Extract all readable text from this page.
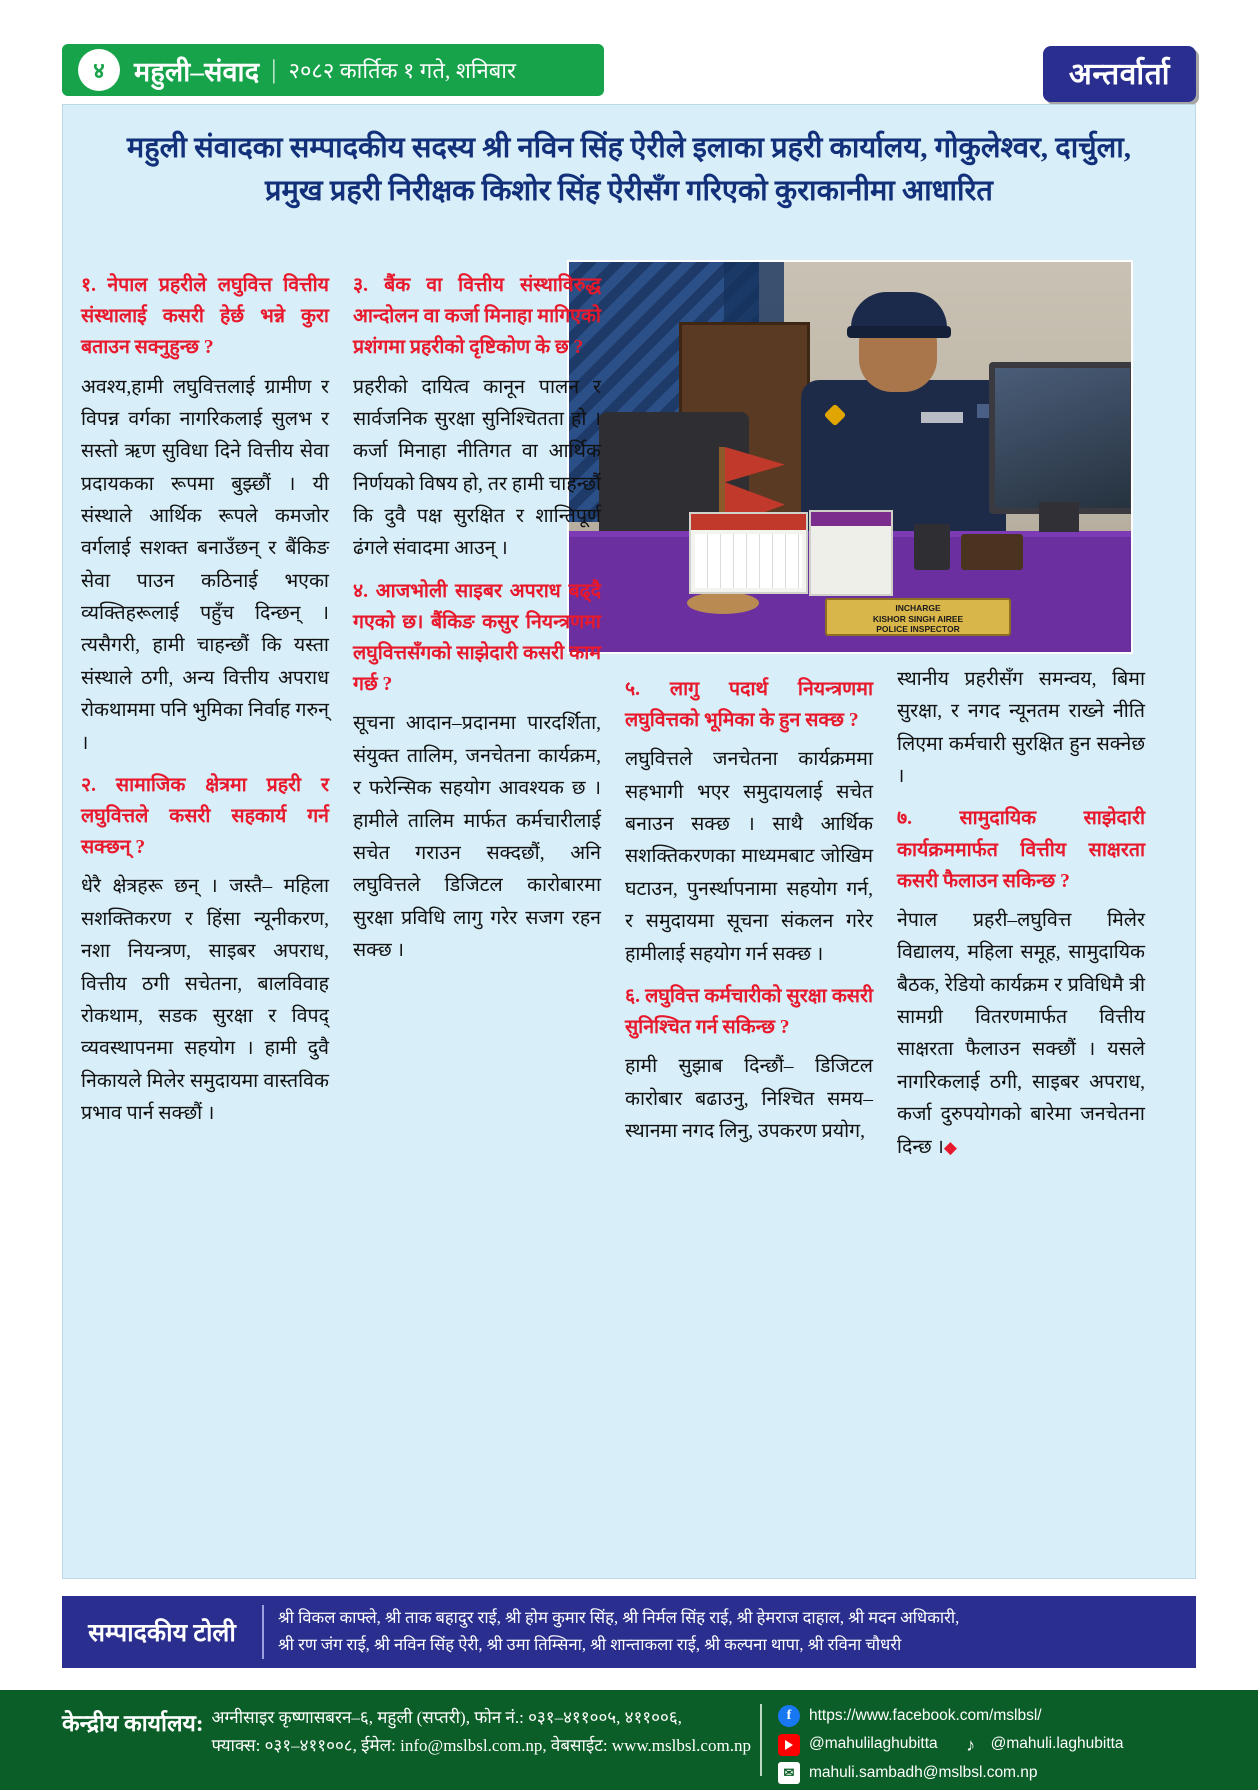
४	महुली–संवाद | २०८२ कार्तिक १ गते, शनिबार	अन्तर्वार्ता
महुली संवादका सम्पादकीय सदस्य श्री नविन सिंह ऐरीले इलाका प्रहरी कार्यालय, गोकुलेश्वर, दार्चुला, प्रमुख प्रहरी निरीक्षक किशोर सिंह ऐरीसँग गरिएको कुराकानीमा आधारित
INCHARGE
KISHOR SINGH AIREE
POLICE INSPECTOR
१. नेपाल प्रहरीले लघुवित्त वित्तीय संस्थालाई कसरी हेर्छ भन्ने कुरा बताउन सक्नुहुन्छ ?
अवश्य,हामी लघुवित्तलाई ग्रामीण र विपन्न वर्गका नागरिकलाई सुलभ र सस्तो ऋण सुविधा दिने वित्तीय सेवा प्रदायकका रूपमा बुझ्छौं । यी संस्थाले आर्थिक रूपले कमजोर वर्गलाई सशक्त बनाउँछन् र बैंकिङ सेवा पाउन कठिनाई भएका व्यक्तिहरूलाई पहुँच दिन्छन् । त्यसैगरी, हामी चाहन्छौं कि यस्ता संस्थाले ठगी, अन्य वित्तीय अपराध रोकथाममा पनि भुमिका निर्वाह गरुन् ।
२. सामाजिक क्षेत्रमा प्रहरी र लघुवित्तले कसरी सहकार्य गर्न सक्छन् ?
धेरै क्षेत्रहरू छन् । जस्तै– महिला सशक्तिकरण र हिंसा न्यूनीकरण, नशा नियन्त्रण, साइबर अपराध, वित्तीय ठगी सचेतना, बालविवाह रोकथाम, सडक सुरक्षा र विपद् व्यवस्थापनमा सहयोग । हामी दुवै निकायले मिलेर समुदायमा वास्तविक प्रभाव पार्न सक्छौं ।
३. बैंक वा वित्तीय संस्थाविरुद्ध आन्दोलन वा कर्जा मिनाहा मागिएको प्रशंगमा प्रहरीको दृष्टिकोण के छ ?
प्रहरीको दायित्व कानून पालन र सार्वजनिक सुरक्षा सुनिश्चितता हो । कर्जा मिनाहा नीतिगत वा आर्थिक निर्णयको विषय हो, तर हामी चाहन्छौं कि दुवै पक्ष सुरक्षित र शान्तिपूर्ण ढंगले संवादमा आउन् ।
४. आजभोली साइबर अपराध बढ्दै गएको छ। बैंकिङ कसुर नियन्त्रणमा लघुवित्तसँगको साझेदारी कसरी काम गर्छ ?
सूचना आदान–प्रदानमा पारदर्शिता, संयुक्त तालिम, जनचेतना कार्यक्रम, र फरेन्सिक सहयोग आवश्यक छ । हामीले तालिम मार्फत कर्मचारीलाई सचेत गराउन सक्दछौं, अनि लघुवित्तले डिजिटल कारोबारमा सुरक्षा प्रविधि लागु गरेर सजग रहन सक्छ ।
५. लागु पदार्थ नियन्त्रणमा लघुवित्तको भूमिका के हुन सक्छ ?
लघुवित्तले जनचेतना कार्यक्रममा सहभागी भएर समुदायलाई सचेत बनाउन सक्छ । साथै आर्थिक सशक्तिकरणका माध्यमबाट जोखिम घटाउन, पुनर्स्थापनामा सहयोग गर्न, र समुदायमा सूचना संकलन गरेर हामीलाई सहयोग गर्न सक्छ ।
६. लघुवित्त कर्मचारीको सुरक्षा कसरी सुनिश्चित गर्न सकिन्छ ?
हामी सुझाब दिन्छौं– डिजिटल कारोबार बढाउनु, निश्चित समय–स्थानमा नगद लिनु, उपकरण प्रयोग,
स्थानीय प्रहरीसँग समन्वय, बिमा सुरक्षा, र नगद न्यूनतम राख्ने नीति लिएमा कर्मचारी सुरक्षित हुन सक्नेछ ।
७. सामुदायिक साझेदारी कार्यक्रममार्फत वित्तीय साक्षरता कसरी फैलाउन सकिन्छ ?
नेपाल प्रहरी–लघुवित्त मिलेर विद्यालय, महिला समूह, सामुदायिक बैठक, रेडियो कार्यक्रम र प्रविधिमै त्री सामग्री वितरणमार्फत वित्तीय साक्षरता फैलाउन सक्छौं । यसले नागरिकलाई ठगी, साइबर अपराध, कर्जा दुरुपयोगको बारेमा जनचेतना दिन्छ ।◆
सम्पादकीय टोली
श्री विकल काफ्ले, श्री ताक बहादुर राई, श्री होम कुमार सिंह, श्री निर्मल सिंह राई, श्री हेमराज दाहाल, श्री मदन अधिकारी,
श्री रण जंग राई, श्री नविन सिंह ऐरी, श्री उमा तिम्सिना, श्री शान्ताकला राई, श्री कल्पना थापा, श्री रविना चौधरी
केन्द्रीय कार्यालय: अग्नीसाइर कृष्णासबरन–६, महुली (सप्तरी), फोन नं.: ०३१–४११००५, ४११००६,
फ्याक्स: ०३१–४११००८, ईमेल: info@mslbsl.com.np, वेबसाईट: www.mslbsl.com.np
f	https://www.facebook.com/mslbsl/
@mahulilaghubitta	♪	@mahuli.laghubitta
✉ mahuli.sambadh@mslbsl.com.np
